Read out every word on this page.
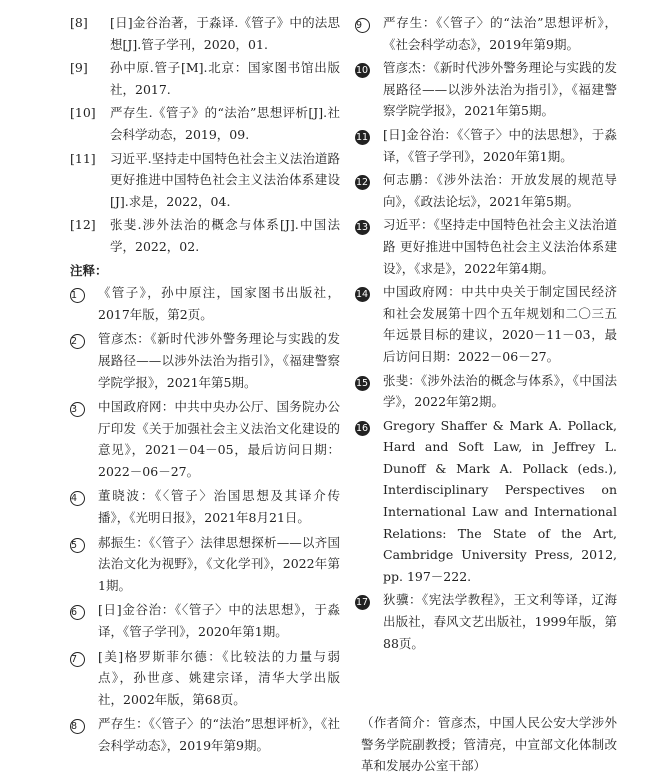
[8] [日]金谷治著，于淼译.《管子》中的法思想[J].管子学刊，2020，01.
[9] 孙中原.管子[M].北京：国家图书馆出版社，2017.
[10] 严存生.《管子》的“法治”思想评析[J].社会科学动态，2019，09.
[11] 习近平.坚持走中国特色社会主义法治道路 更好推进中国特色社会主义法治体系建设[J].求是，2022，04.
[12] 张斐.涉外法治的概念与体系[J].中国法学，2022，02.
注释：
1	《管子》，孙中原注，国家图书出版社，2017年版，第2页。
2	管彦杰：《新时代涉外警务理论与实践的发展路径——以涉外法治为指引》，《福建警察学院学报》，2021年第5期。
3	中国政府网：中共中央办公厅、国务院办公厅印发《关于加强社会主义法治文化建设的意见》，2021－04－05，最后访问日期：2022－06－27。
4	董晓波：《〈管子〉治国思想及其译介传播》，《光明日报》，2021年8月21日。
5	郝振生：《〈管子〉法律思想探析——以齐国法治文化为视野》，《文化学刊》，2022年第1期。
6	[日]金谷治：《〈管子〉中的法思想》，于淼译，《管子学刊》，2020年第1期。
7	[美]格罗斯菲尔德：《比较法的力量与弱点》，孙世彦、姚建宗译，清华大学出版社，2002年版，第68页。
8	严存生：《〈管子〉的“法治”思想评析》，《社会科学动态》，2019年第9期。
9	严存生：《〈管子〉的“法治”思想评析》，《社会科学动态》，2019年第9期。
10 管彦杰：《新时代涉外警务理论与实践的发展路径——以涉外法治为指引》，《福建警察学院学报》，2021年第5期。
11 [日]金谷治：《〈管子〉中的法思想》，于淼译，《管子学刊》，2020年第1期。
12 何志鹏：《涉外法治：开放发展的规范导向》，《政法论坛》，2021年第5期。
13 习近平：《坚持走中国特色社会主义法治道路 更好推进中国特色社会主义法治体系建设》，《求是》，2022年第4期。
14 中国政府网：中共中央关于制定国民经济和社会发展第十四个五年规划和二〇三五年远景目标的建议，2020－11－03，最后访问日期：2022－06－27。
15 张斐：《涉外法治的概念与体系》，《中国法学》，2022年第2期。
16 Gregory Shaffer & Mark A. Pollack, Hard and Soft Law, in Jeffrey L. Dunoff & Mark A. Pollack (eds.), Interdisciplinary Perspectives on International Law and International Relations: The State of the Art, Cambridge University Press, 2012, pp. 197－222.
17 狄骥：《宪法学教程》，王文利等译，辽海出版社，春风文艺出版社，1999年版，第88页。
（作者简介：管彦杰，中国人民公安大学涉外警务学院副教授；管清亮，中宣部文化体制改革和发展办公室干部）
